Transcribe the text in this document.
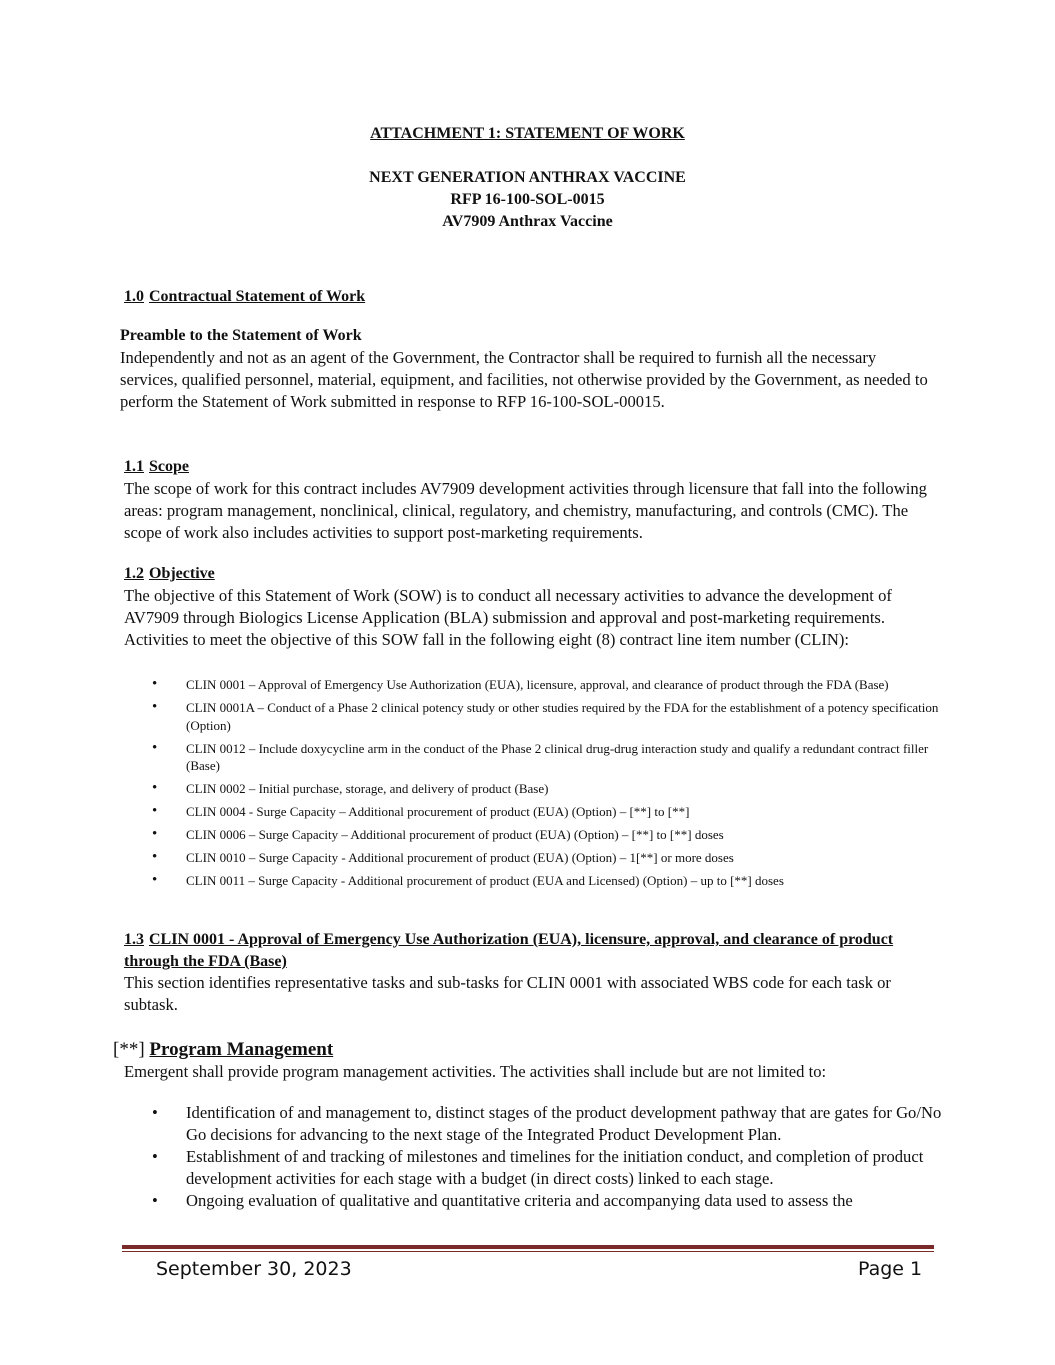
ATTACHMENT 1: STATEMENT OF WORK
NEXT GENERATION ANTHRAX VACCINE
RFP 16-100-SOL-0015
AV7909 Anthrax Vaccine
1.0 Contractual Statement of Work
Preamble to the Statement of Work

Independently and not as an agent of the Government, the Contractor shall be required to furnish all the necessary services, qualified personnel, material, equipment, and facilities, not otherwise provided by the Government, as needed to perform the Statement of Work submitted in response to RFP 16-100-SOL-00015.

1.1 Scope

The scope of work for this contract includes AV7909 development activities through licensure that fall into the following areas: program management, nonclinical, clinical, regulatory, and chemistry, manufacturing, and controls (CMC). The scope of work also includes activities to support post-marketing requirements.

1.2 Objective

The objective of this Statement of Work (SOW) is to conduct all necessary activities to advance the development of AV7909 through Biologics License Application (BLA) submission and approval and post-marketing requirements. Activities to meet the objective of this SOW fall in the following eight (8) contract line item number (CLIN):

• CLIN 0001 – Approval of Emergency Use Authorization (EUA), licensure, approval, and clearance of product through the FDA (Base)
• CLIN 0001A – Conduct of a Phase 2 clinical potency study or other studies required by the FDA for the establishment of a potency specification (Option)
• CLIN 0012 – Include doxycycline arm in the conduct of the Phase 2 clinical drug-drug interaction study and qualify a redundant contract filler (Base)
• CLIN 0002 – Initial purchase, storage, and delivery of product (Base)
• CLIN 0004 - Surge Capacity – Additional procurement of product (EUA) (Option) – [**] to [**]
• CLIN 0006 – Surge Capacity – Additional procurement of product (EUA) (Option) – [**] to [**] doses
• CLIN 0010 – Surge Capacity - Additional procurement of product (EUA) (Option) – 1[**] or more doses
• CLIN 0011 – Surge Capacity - Additional procurement of product (EUA and Licensed) (Option) – up to [**] doses
1.3 CLIN 0001 - Approval of Emergency Use Authorization (EUA), licensure, approval, and clearance of product through the FDA (Base)

This section identifies representative tasks and sub-tasks for CLIN 0001 with associated WBS code for each task or subtask.

[**] Program Management

Emergent shall provide program management activities. The activities shall include but are not limited to:

• Identification of and management to, distinct stages of the product development pathway that are gates for Go/No Go decisions for advancing to the next stage of the Integrated Product Development Plan.
• Establishment of and tracking of milestones and timelines for the initiation conduct, and completion of product development activities for each stage with a budget (in direct costs) linked to each stage.
• Ongoing evaluation of qualitative and quantitative criteria and accompanying data used to assess the
September 30, 2023	Page 1
